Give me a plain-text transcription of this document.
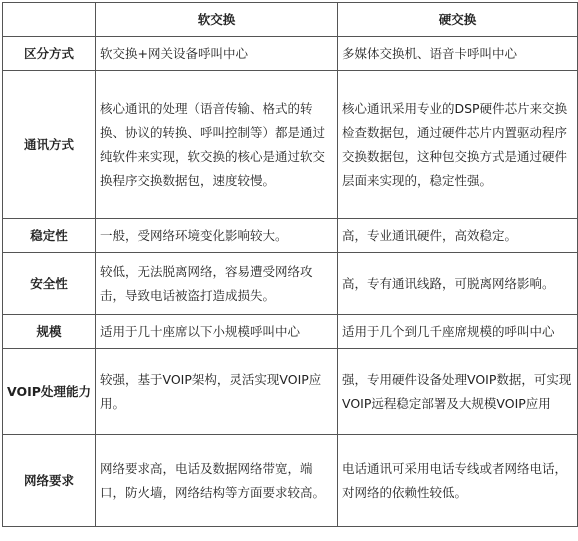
	软交换	硬交换
区分方式	软交换+网关设备呼叫中心	多媒体交换机、语音卡呼叫中心
通讯方式	核心通讯的处理（语音传输、格式的转换、协议的转换、呼叫控制等）都是通过纯软件来实现，软交换的核心是通过软交换程序交换数据包，速度较慢。	核心通讯采用专业的DSP硬件芯片来交换检查数据包，通过硬件芯片内置驱动程序交换数据包，这种包交换方式是通过硬件层面来实现的，稳定性强。
稳定性	一般，受网络环境变化影响较大。	高，专业通讯硬件，高效稳定。
安全性	较低，无法脱离网络，容易遭受网络攻击，导致电话被盗打造成损失。	高，专有通讯线路，可脱离网络影响。
规模	适用于几十座席以下小规模呼叫中心	适用于几个到几千座席规模的呼叫中心
VOIP处理能力	较强，基于VOIP架构，灵活实现VOIP应用。	强，专用硬件设备处理VOIP数据，可实现VOIP远程稳定部署及大规模VOIP应用
网络要求	网络要求高，电话及数据网络带宽，端口，防火墙，网络结构等方面要求较高。	电话通讯可采用电话专线或者网络电话，对网络的依赖性较低。
